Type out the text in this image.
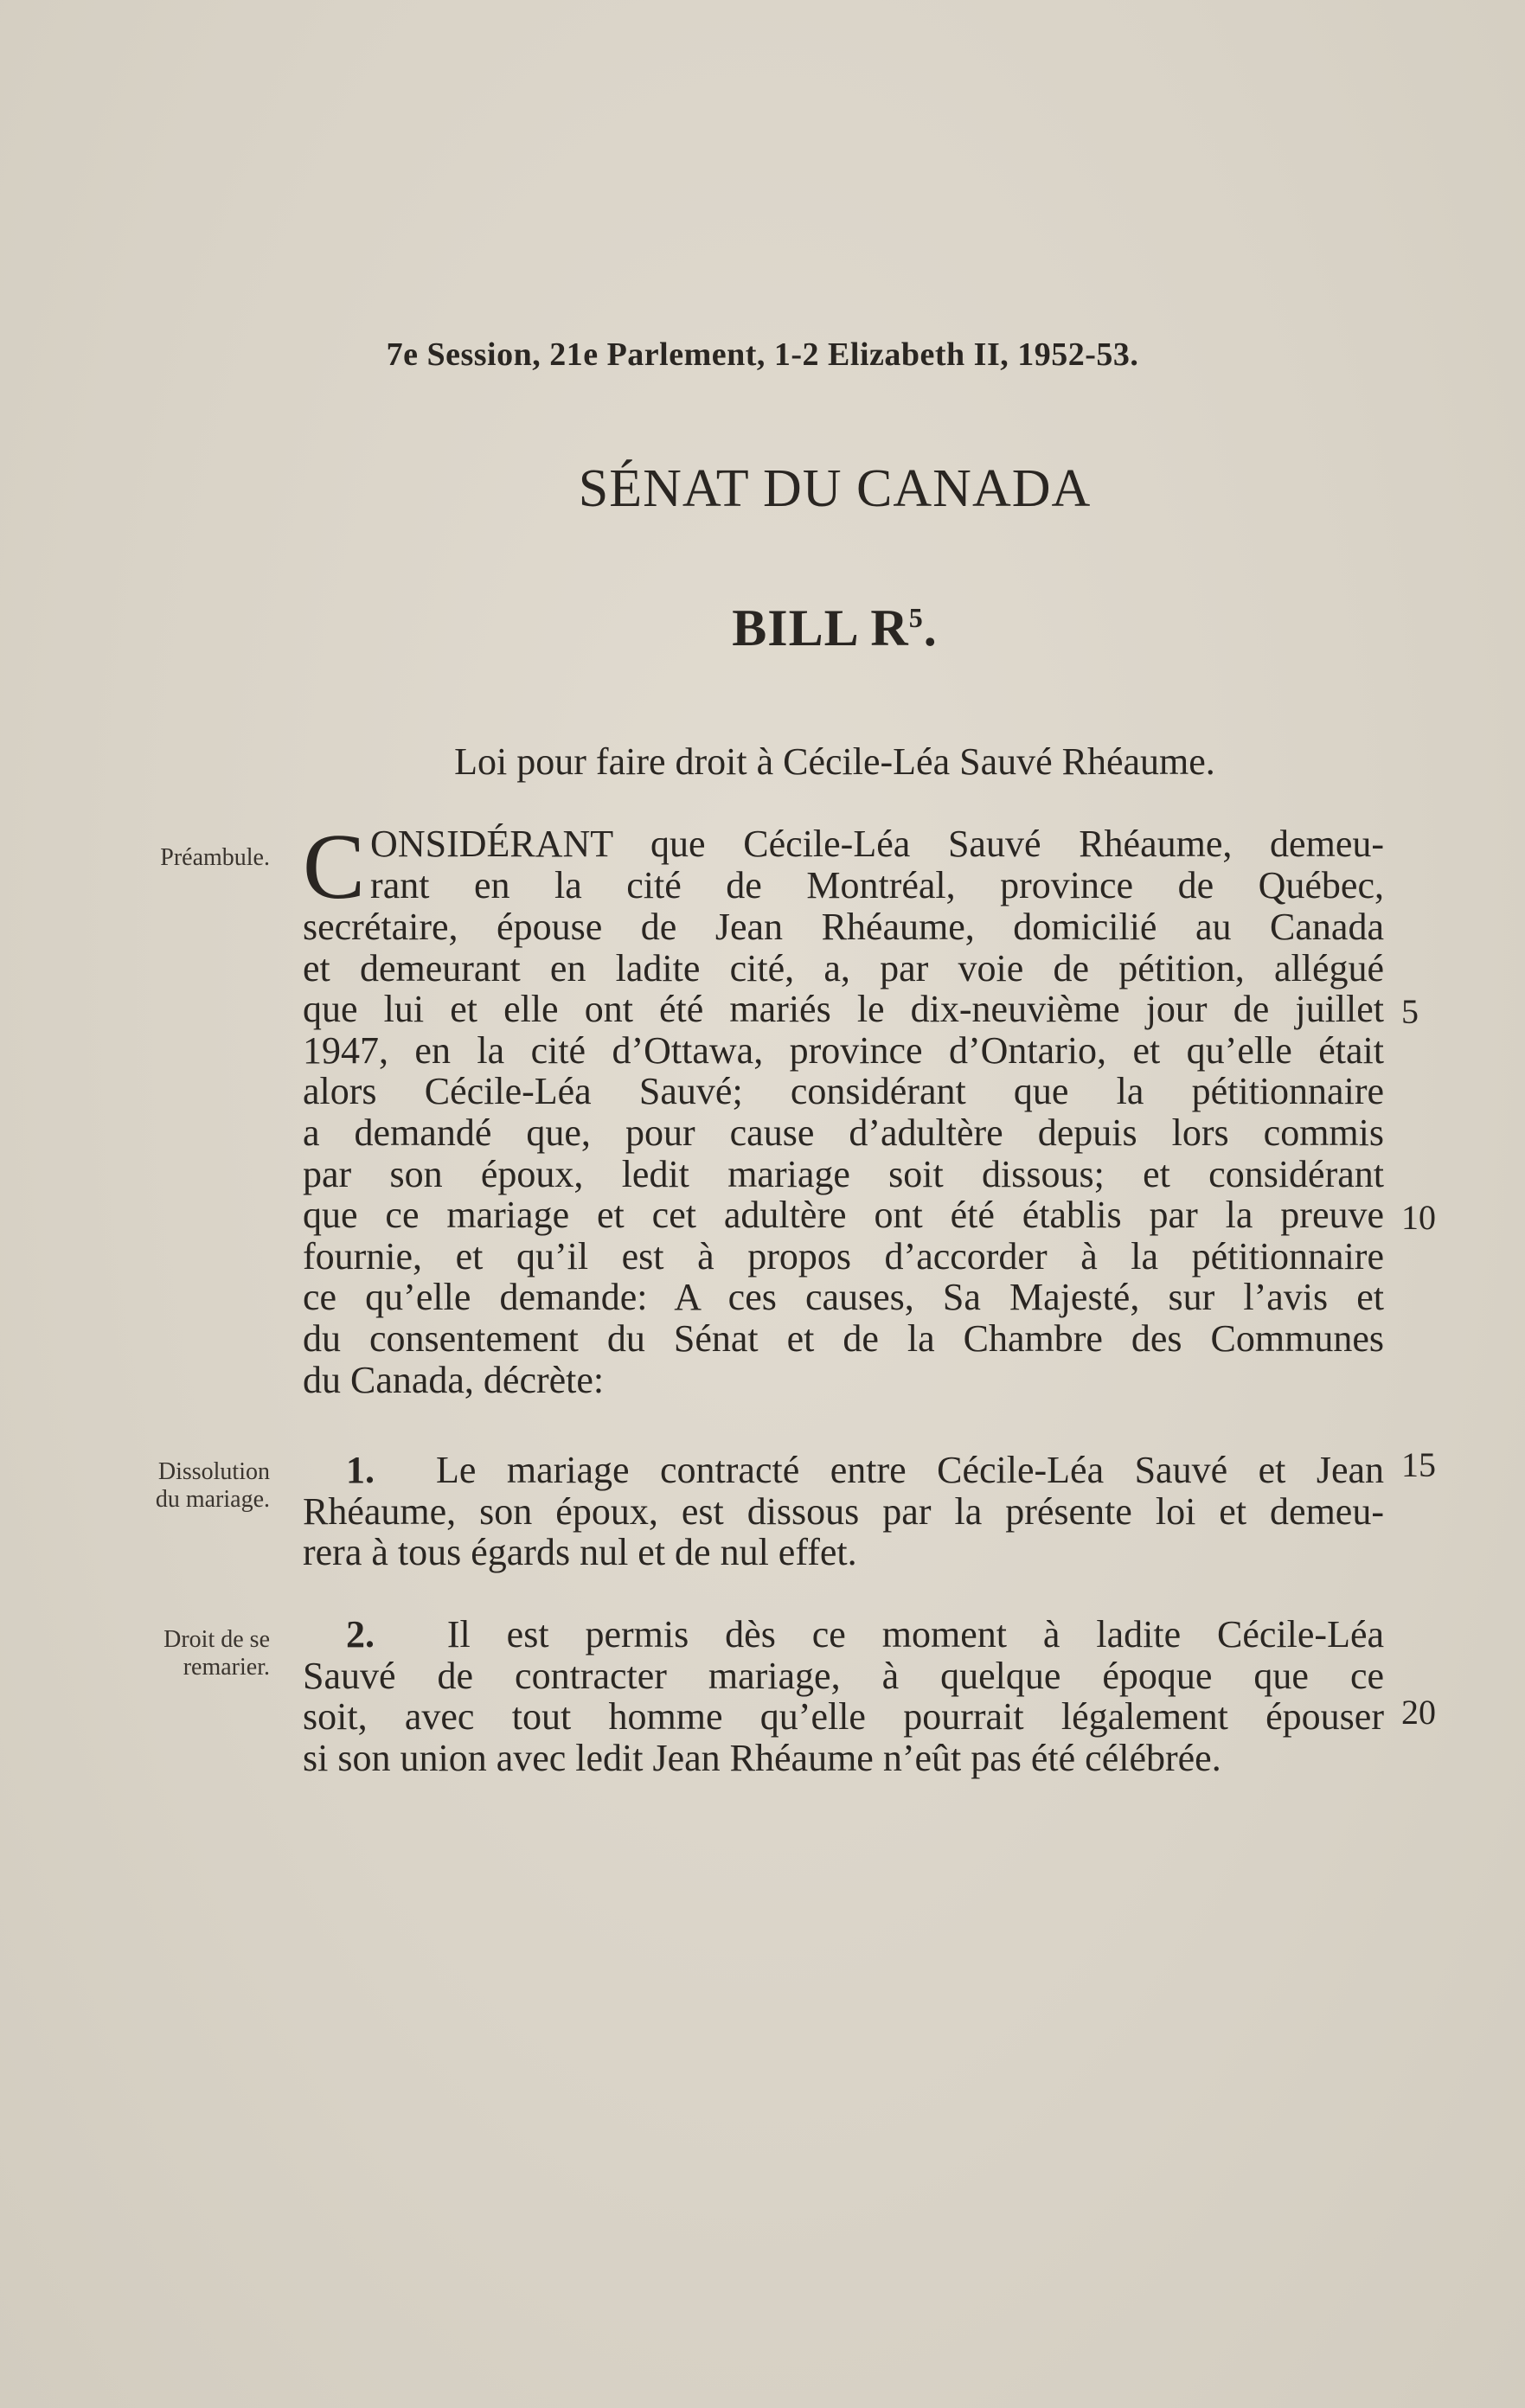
7e Session, 21e Parlement, 1-2 Elizabeth II, 1952-53.
SÉNAT DU CANADA
BILL $R^5$.
Loi pour faire droit à Cécile-Léa Sauvé Rhéaume.
Préambule.
Dissolution
du mariage.
Droit de se
remarier.
C ONSIDÉRANT que Cécile-Léa Sauvé Rhéaume, demeu-
rant en la cité de Montréal, province de Québec,
secrétaire, épouse de Jean Rhéaume, domicilié au Canada
et demeurant en ladite cité, a, par voie de pétition, allégué
que lui et elle ont été mariés le dix-neuvième jour de juillet
1947, en la cité d’Ottawa, province d’Ontario, et qu’elle était
alors Cécile-Léa Sauvé; considérant que la pétitionnaire
a demandé que, pour cause d’adultère depuis lors commis
par son époux, ledit mariage soit dissous; et considérant
que ce mariage et cet adultère ont été établis par la preuve
fournie, et qu’il est à propos d’accorder à la pétitionnaire
ce qu’elle demande: A ces causes, Sa Majesté, sur l’avis et
du consentement du Sénat et de la Chambre des Communes
du Canada, décrète:
1. Le mariage contracté entre Cécile-Léa Sauvé et Jean
Rhéaume, son époux, est dissous par la présente loi et demeu-
rera à tous égards nul et de nul effet.
2. Il est permis dès ce moment à ladite Cécile-Léa
Sauvé de contracter mariage, à quelque époque que ce
soit, avec tout homme qu’elle pourrait légalement épouser
si son union avec ledit Jean Rhéaume n’eût pas été célébrée.
5
10
15
20
